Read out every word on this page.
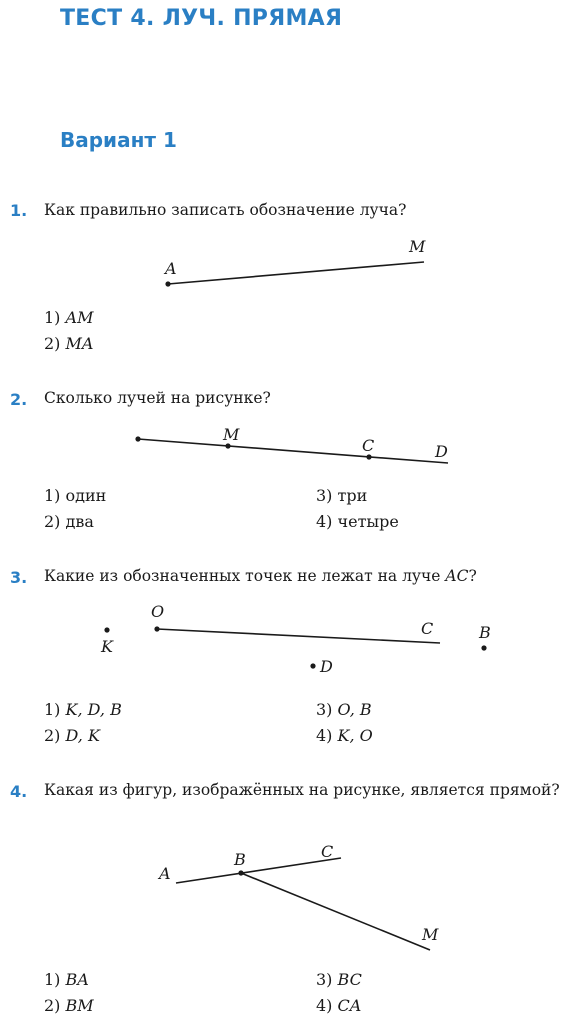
ТЕСТ 4. ЛУЧ. ПРЯМАЯ
Вариант 1
1. Как правильно записать обозначение луча?
A
M
1) AM
2) MA
2. Сколько лучей на рисунке?
M
C	D
1) один
2) два
3) три
4) четыре
3. Какие из обозначенных точек не лежат на луче AC?
O
C	B
K
D
1) K, D, B
2) D, K
3) O, B
4) K, O
4. Какая из фигур, изображённых на рисунке, является прямой?
A
B	C
M
1) BA
2) BM
3) BC
4) CA
